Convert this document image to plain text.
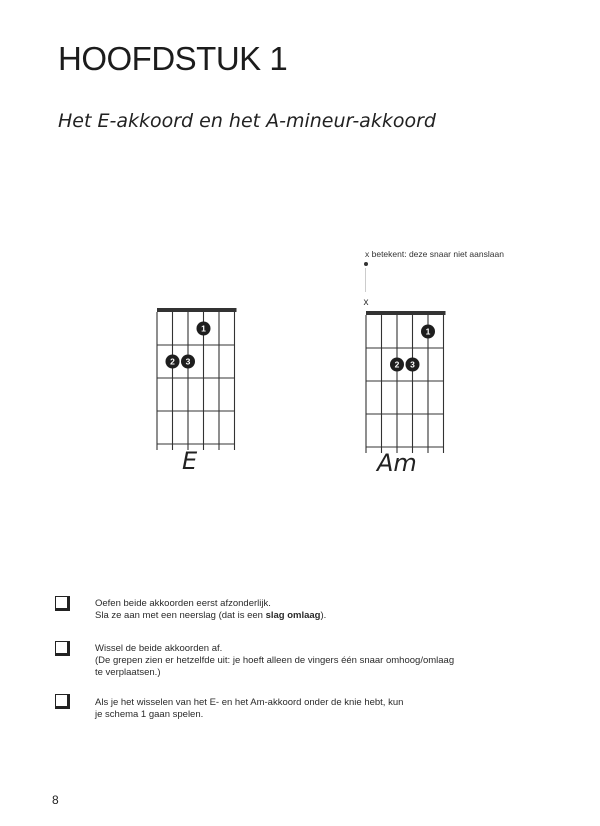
HOOFDSTUK 1
Het E-akkoord en het A-mineur-akkoord
x betekent: deze snaar niet aanslaan
1
2 3
x
1
2 3
E	Am
Oefen beide akkoorden eerst afzonderlijk.
Sla ze aan met een neerslag (dat is een slag omlaag).
Wissel de beide akkoorden af.
(De grepen zien er hetzelfde uit: je hoeft alleen de vingers één snaar omhoog/omlaag
te verplaatsen.)
Als je het wisselen van het E- en het Am-akkoord onder de knie hebt, kun
je schema 1 gaan spelen.
8
